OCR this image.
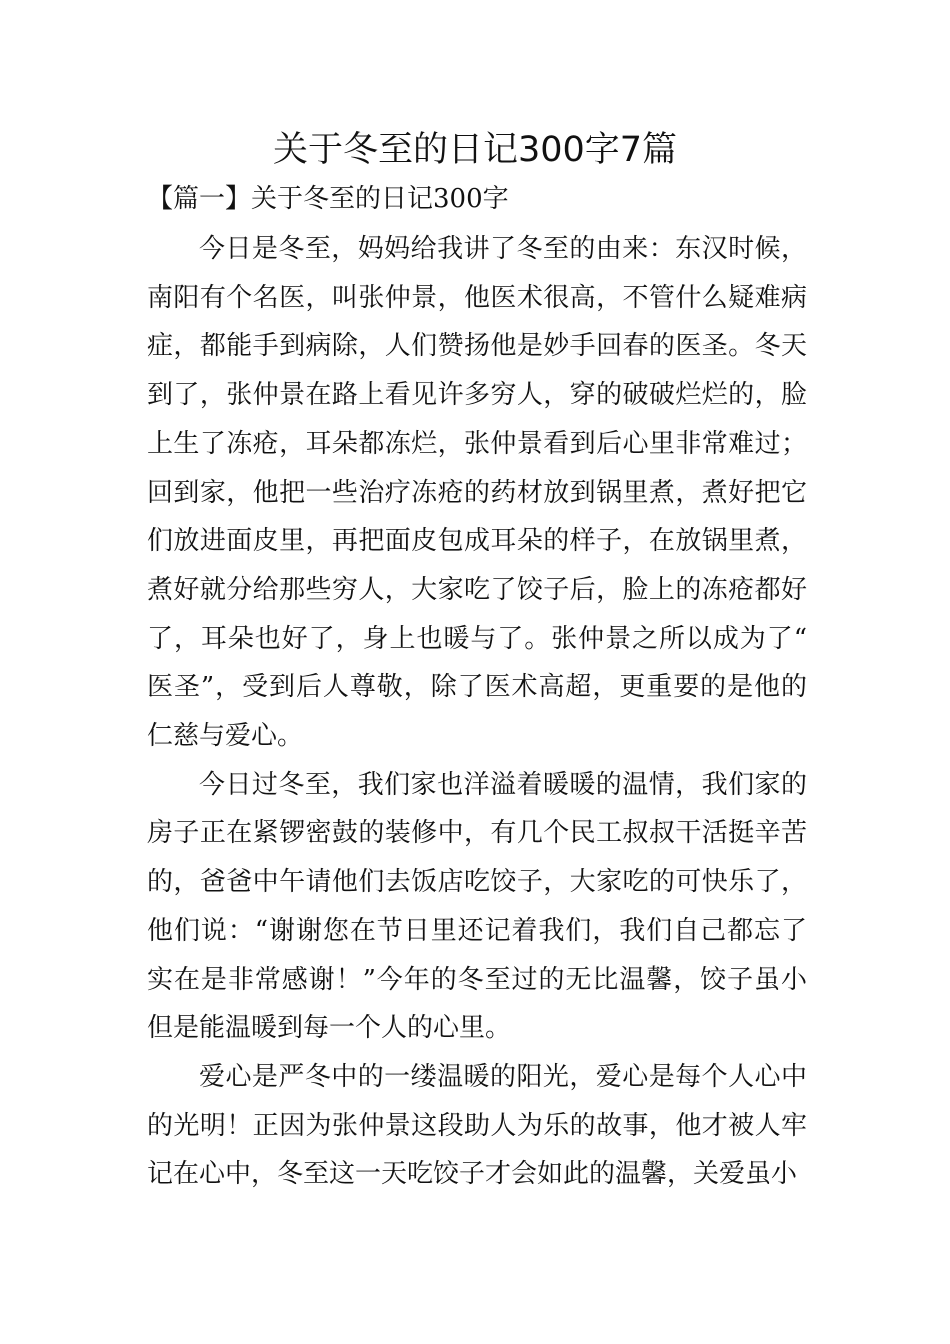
关于冬至的日记300字7篇
【篇一】关于冬至的日记300字

今日是冬至，妈妈给我讲了冬至的由来：东汉时候，南阳有个名医，叫张仲景，他医术很高，不管什么疑难病症，都能手到病除，人们赞扬他是妙手回春的医圣。冬天到了，张仲景在路上看见许多穷人，穿的破破烂烂的，脸上生了冻疮，耳朵都冻烂，张仲景看到后心里非常难过；回到家，他把一些治疗冻疮的药材放到锅里煮，煮好把它们放进面皮里，再把面皮包成耳朵的样子，在放锅里煮，煮好就分给那些穷人，大家吃了饺子后，脸上的冻疮都好了，耳朵也好了，身上也暖与了。张仲景之所以成为了“医圣”，受到后人尊敬，除了医术高超，更重要的是他的仁慈与爱心。

今日过冬至，我们家也洋溢着暖暖的温情，我们家的房子正在紧锣密鼓的装修中，有几个民工叔叔干活挺辛苦的，爸爸中午请他们去饭店吃饺子，大家吃的可快乐了，他们说：“谢谢您在节日里还记着我们，我们自己都忘了实在是非常感谢！”今年的冬至过的无比温馨，饺子虽小但是能温暖到每一个人的心里。

爱心是严冬中的一缕温暖的阳光，爱心是每个人心中的光明！正因为张仲景这段助人为乐的故事，他才被人牢记在心中，冬至这一天吃饺子才会如此的温馨，关爱虽小
